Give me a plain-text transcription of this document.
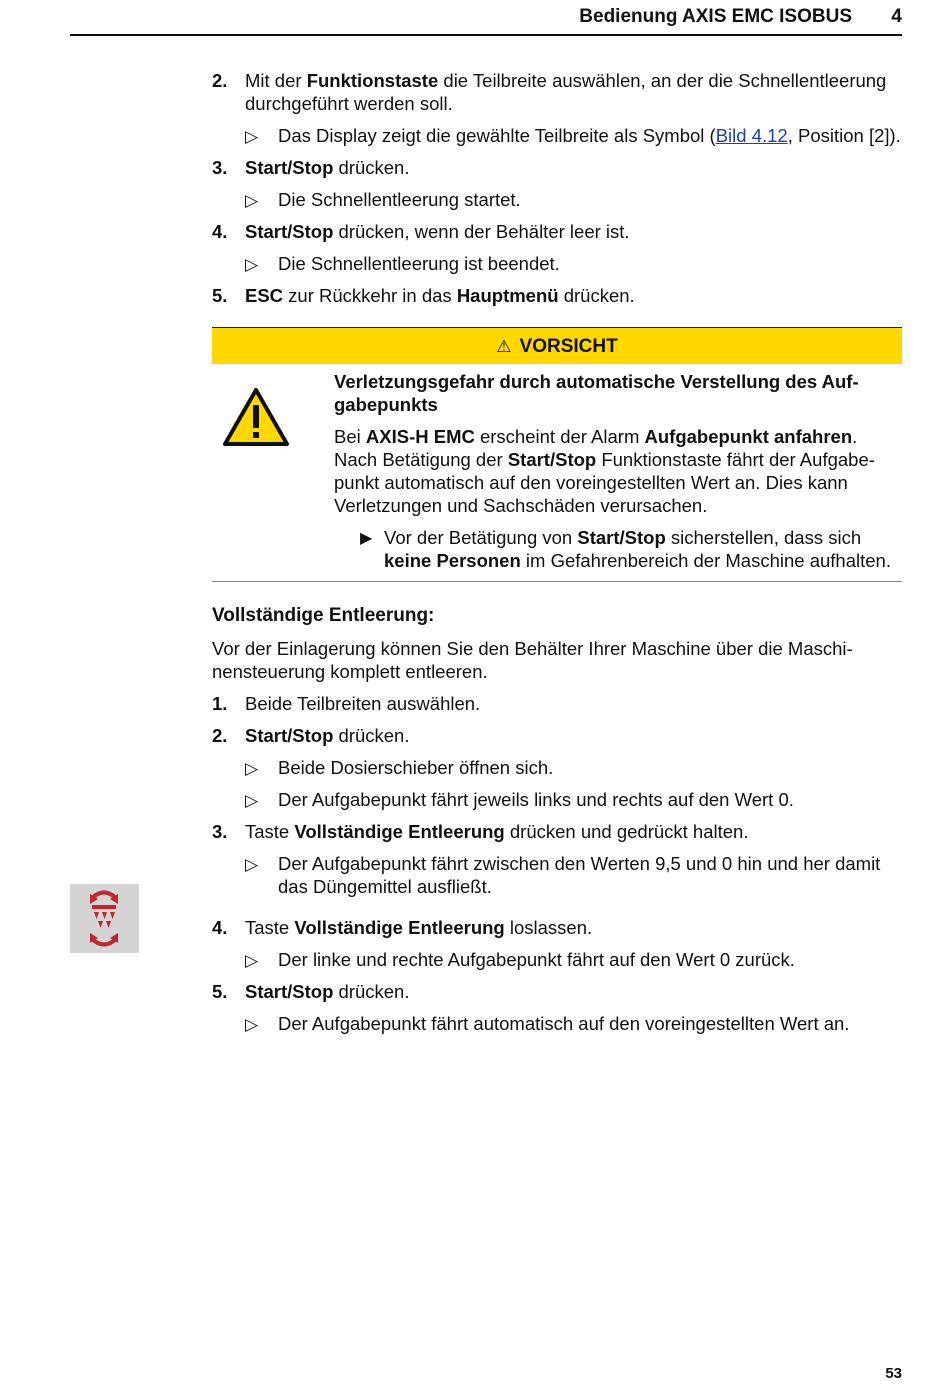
Bedienung AXIS EMC ISOBUS 4
2. Mit der Funktionstaste die Teilbreite auswählen, an der die Schnellentleerung durchgeführt werden soll.
▷ Das Display zeigt die gewählte Teilbreite als Symbol (Bild 4.12, Position [2]).
3. Start/Stop drücken.
▷ Die Schnellentleerung startet.
4. Start/Stop drücken, wenn der Behälter leer ist.
▷ Die Schnellentleerung ist beendet.
5. ESC zur Rückkehr in das Hauptmenü drücken.
⚠ VORSICHT

Verletzungsgefahr durch automatische Verstellung des Aufgabepunkts

Bei AXIS-H EMC erscheint der Alarm Aufgabepunkt anfahren.
Nach Betätigung der Start/Stop Funktionstaste fährt der Aufgabepunkt automatisch auf den voreingestellten Wert an. Dies kann Verletzungen und Sachschäden verursachen.

▶ Vor der Betätigung von Start/Stop sicherstellen, dass sich keine Personen im Gefahrenbereich der Maschine aufhalten.
Vollständige Entleerung:

Vor der Einlagerung können Sie den Behälter Ihrer Maschine über die Maschinensteuerung komplett entleeren.

1. Beide Teilbreiten auswählen.
2. Start/Stop drücken.
▷ Beide Dosierschieber öffnen sich.
▷ Der Aufgabepunkt fährt jeweils links und rechts auf den Wert 0.
3. Taste Vollständige Entleerung drücken und gedrückt halten.
▷ Der Aufgabepunkt fährt zwischen den Werten 9,5 und 0 hin und her damit das Düngemittel ausfließt.
4. Taste Vollständige Entleerung loslassen.
▷ Der linke und rechte Aufgabepunkt fährt auf den Wert 0 zurück.
5. Start/Stop drücken.
▷ Der Aufgabepunkt fährt automatisch auf den voreingestellten Wert an.
53
